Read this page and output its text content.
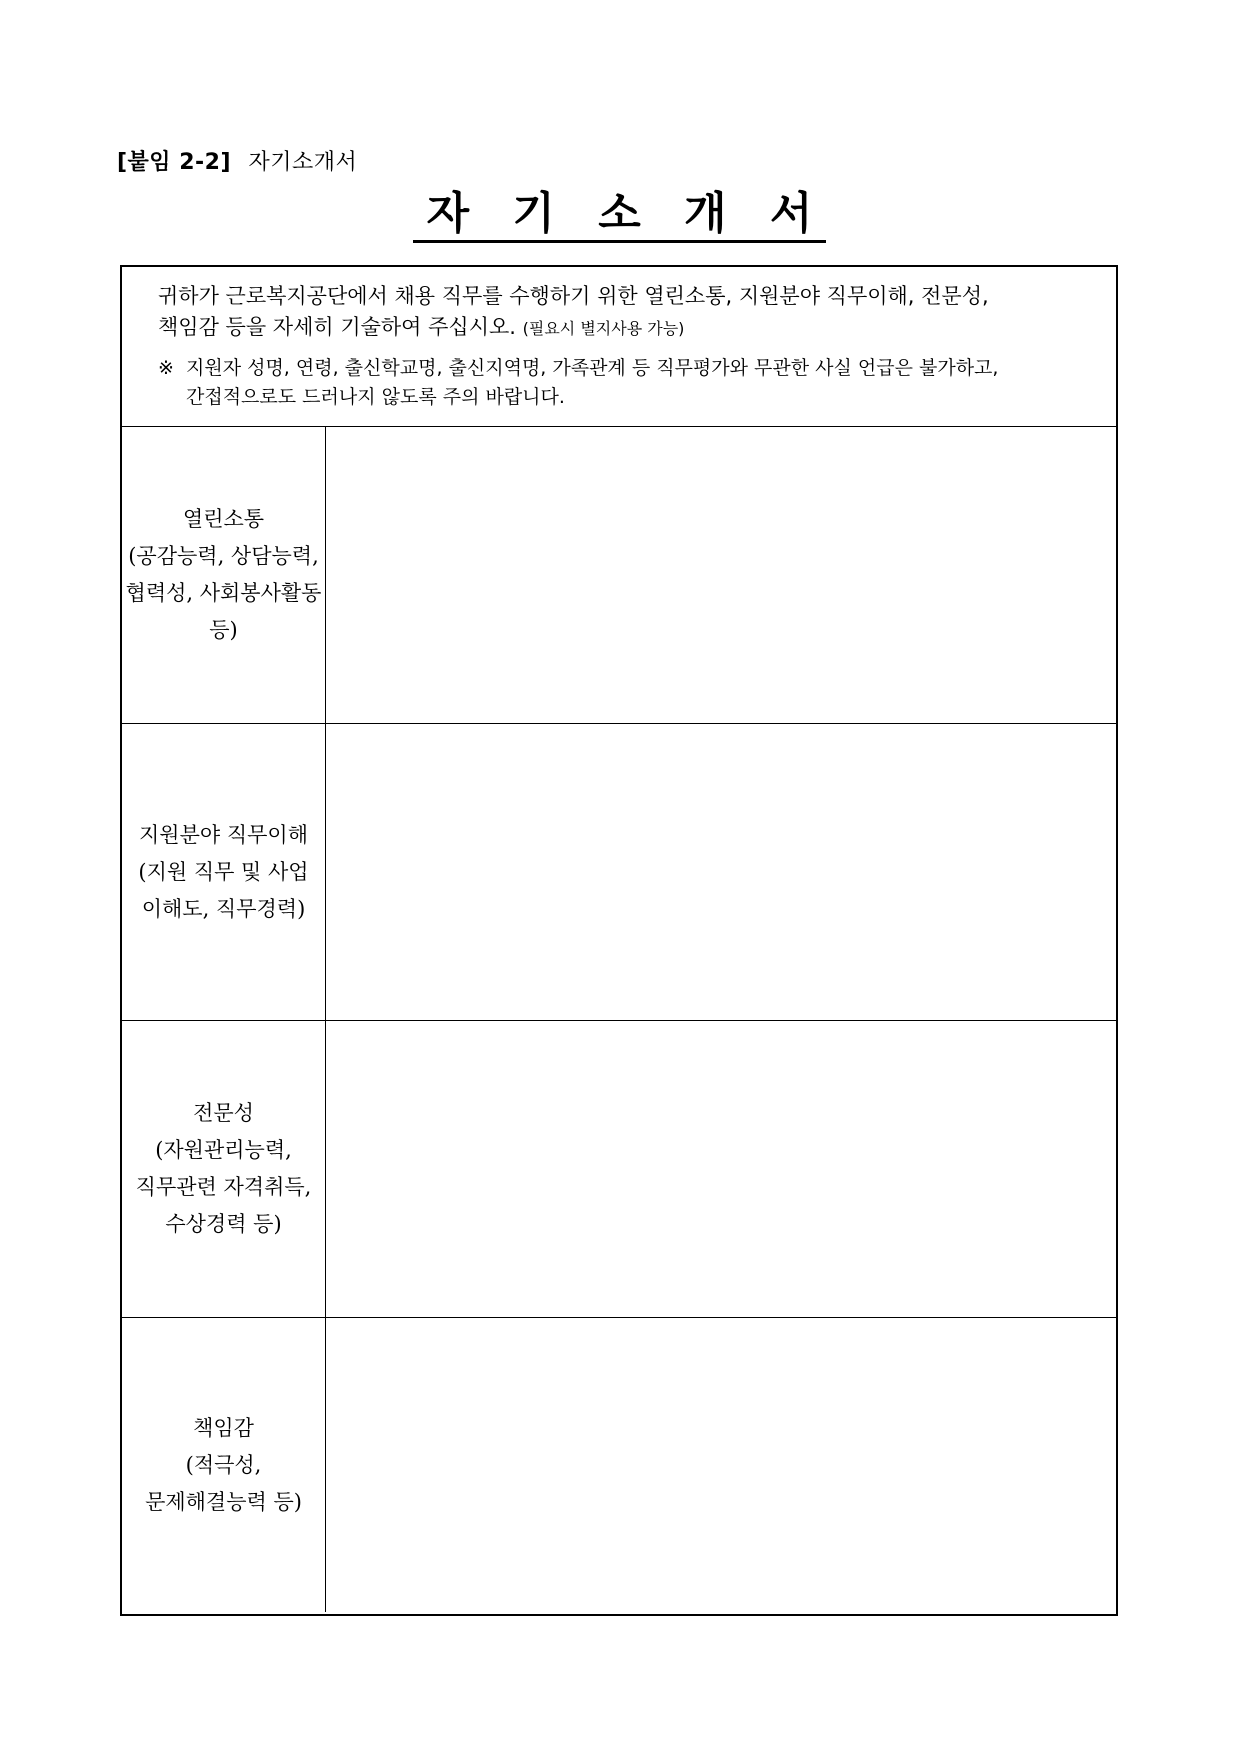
[붙임 2-2] 자기소개서
자 기 소 개 서
귀하가 근로복지공단에서 채용 직무를 수행하기 위한 열린소통, 지원분야 직무이해, 전문성,
책임감 등을 자세히 기술하여 주십시오. (필요시 별지사용 가능)
※ 지원자 성명, 연령, 출신학교명, 출신지역명, 가족관계 등 직무평가와 무관한 사실 언급은 불가하고,
간접적으로도 드러나지 않도록 주의 바랍니다.
열린소통
(공감능력, 상담능력,
협력성, 사회봉사활동
등)
지원분야 직무이해
(지원 직무 및 사업
이해도, 직무경력)
전문성
(자원관리능력,
직무관련 자격취득,
수상경력 등)
책임감
(적극성,
문제해결능력 등)
